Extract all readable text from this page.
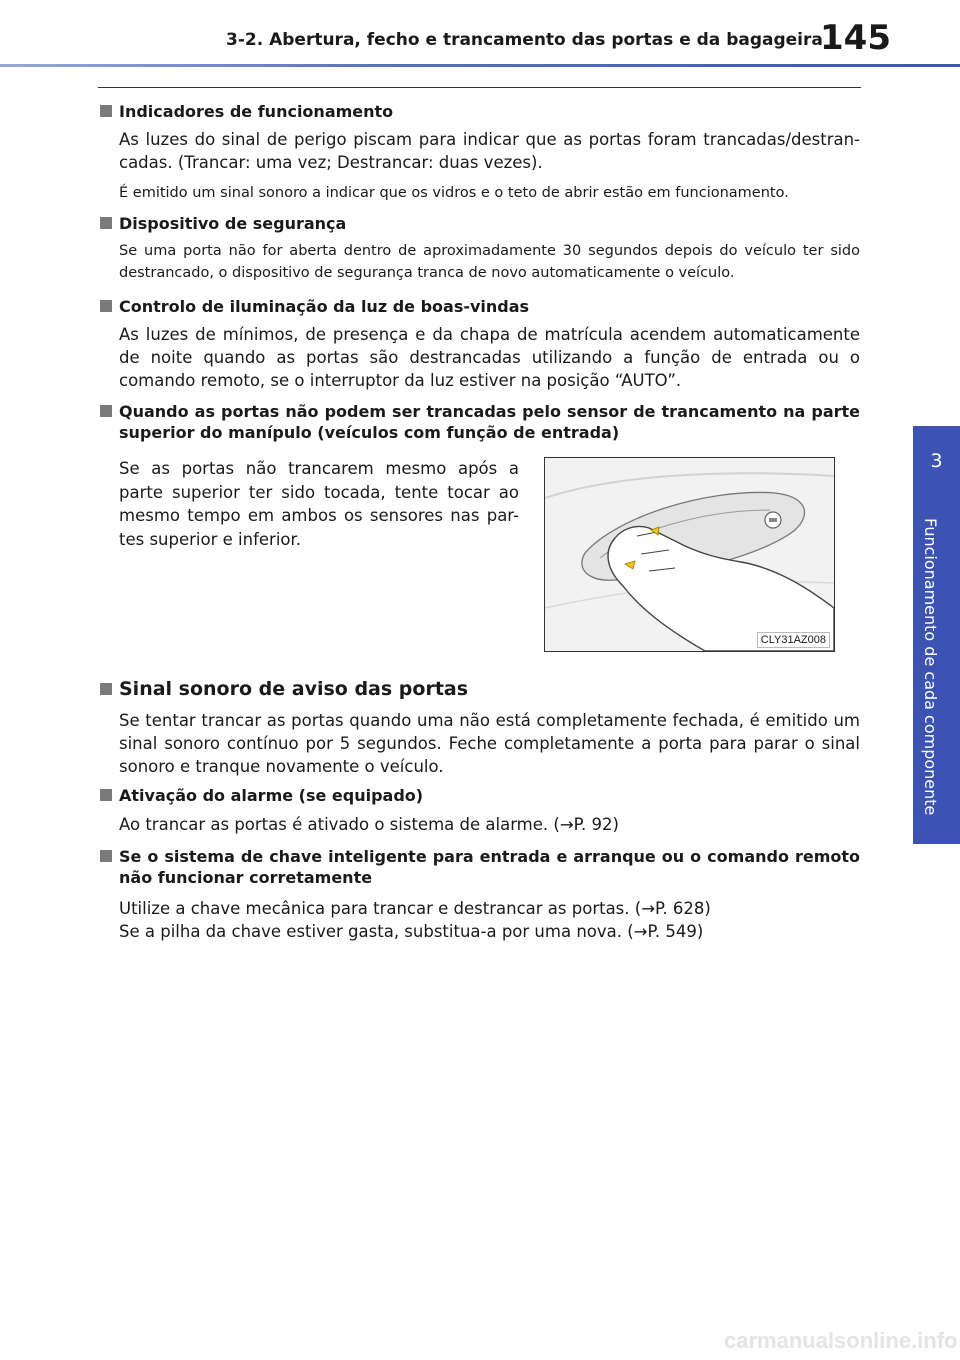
3-2. Abertura, fecho e trancamento das portas e da bagageira
145
3
Funcionamento de cada componente
Indicadores de funcionamento
As luzes do sinal de perigo piscam para indicar que as portas foram trancadas/destran-cadas. (Trancar: uma vez; Destrancar: duas vezes).
É emitido um sinal sonoro a indicar que os vidros e o teto de abrir estão em funcionamento.
Dispositivo de segurança
Se uma porta não for aberta dentro de aproximadamente 30 segundos depois do veículo ter sido destrancado, o dispositivo de segurança tranca de novo automaticamente o veículo.
Controlo de iluminação da luz de boas-vindas
As luzes de mínimos, de presença e da chapa de matrícula acendem automaticamente de noite quando as portas são destrancadas utilizando a função de entrada ou o comando remoto, se o interruptor da luz estiver na posição “AUTO”.
Quando as portas não podem ser trancadas pelo sensor de trancamento na parte superior do manípulo (veículos com função de entrada)
Se as portas não trancarem mesmo após a parte superior ter sido tocada, tente tocar ao mesmo tempo em ambos os sensores nas par-tes superior e inferior.
CLY31AZ008
Sinal sonoro de aviso das portas
Se tentar trancar as portas quando uma não está completamente fechada, é emitido um sinal sonoro contínuo por 5 segundos. Feche completamente a porta para parar o sinal sonoro e tranque novamente o veículo.
Ativação do alarme (se equipado)
Ao trancar as portas é ativado o sistema de alarme. (→P. 92)
Se o sistema de chave inteligente para entrada e arranque ou o comando remoto não funcionar corretamente
Utilize a chave mecânica para trancar e destrancar as portas. (→P. 628)
Se a pilha da chave estiver gasta, substitua-a por uma nova. (→P. 549)
carmanualsonline.info
